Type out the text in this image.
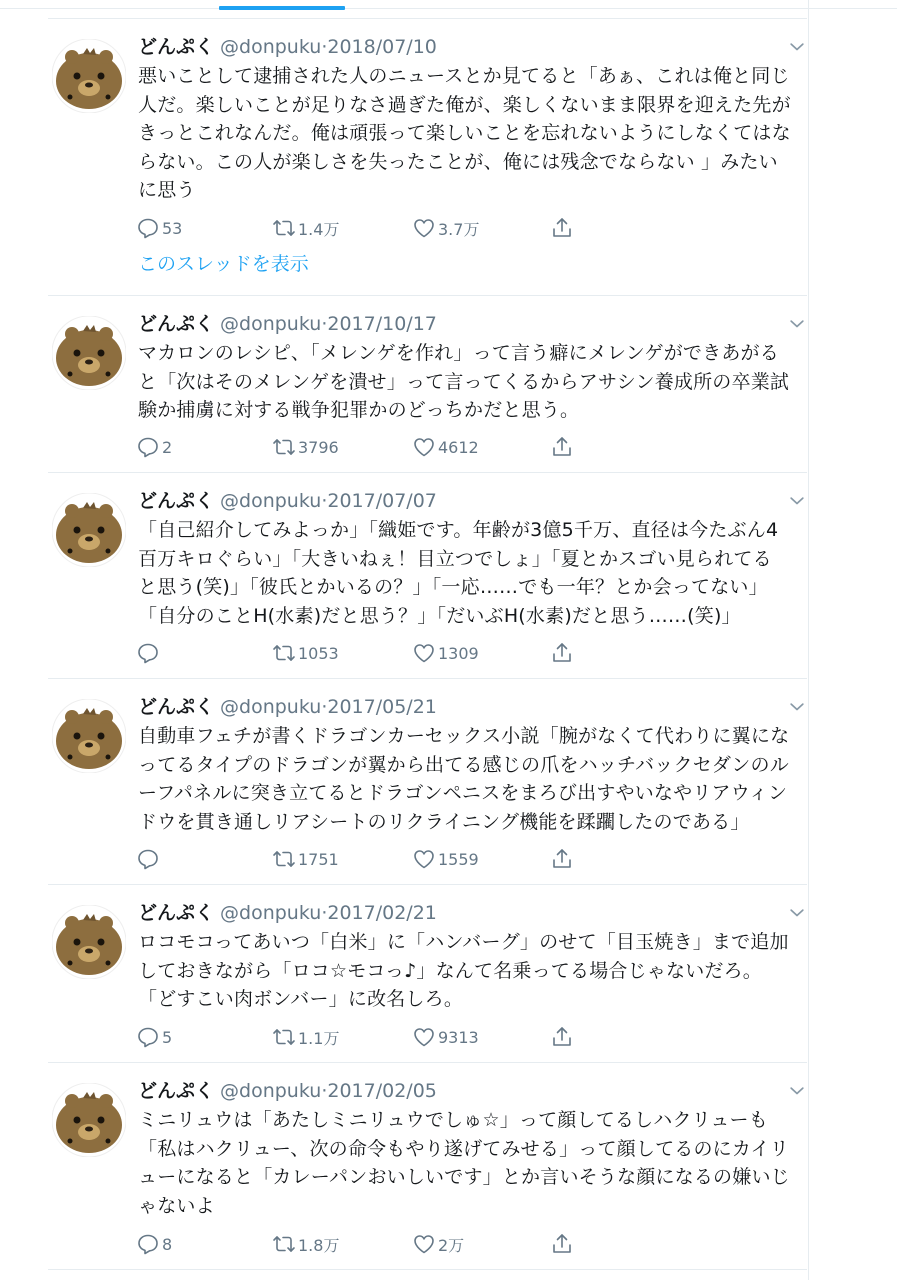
どんぷく @donpuku·2018/07/10
悪いことして逮捕された人のニュースとか見てると「あぁ、これは俺と同じ
人だ。楽しいことが足りなさ過ぎた俺が、楽しくないまま限界を迎えた先が
きっとこれなんだ。俺は頑張って楽しいことを忘れないようにしなくてはな
らない。この人が楽しさを失ったことが、俺には残念でならない 」みたい
に思う
53	1.4万	3.7万
このスレッドを表示
どんぷく @donpuku·2017/10/17
マカロンのレシピ、「メレンゲを作れ」って言う癖にメレンゲができあがる
と「次はそのメレンゲを潰せ」って言ってくるからアサシン養成所の卒業試
験か捕虜に対する戦争犯罪かのどっちかだと思う。
2	3796	4612
どんぷく @donpuku·2017/07/07
「自己紹介してみよっか」「織姫です。年齢が3億5千万、直径は今たぶん4
百万キロぐらい」「大きいねぇ！目立つでしょ」「夏とかスゴい見られてる
と思う(笑)」「彼氏とかいるの？」「一応……でも一年？とか会ってない」
「自分のことH(水素)だと思う？」「だいぶH(水素)だと思う……(笑)」
1053	1309
どんぷく @donpuku·2017/05/21
自動車フェチが書くドラゴンカーセックス小説「腕がなくて代わりに翼にな
ってるタイプのドラゴンが翼から出てる感じの爪をハッチバックセダンのル
ーフパネルに突き立てるとドラゴンペニスをまろび出すやいなやリアウィン
ドウを貫き通しリアシートのリクライニング機能を蹂躙したのである」
1751	1559
どんぷく @donpuku·2017/02/21
ロコモコってあいつ「白米」に「ハンバーグ」のせて「目玉焼き」まで追加
しておきながら「ロコ☆モコっ♪」なんて名乗ってる場合じゃないだろ。
「どすこい肉ボンバー」に改名しろ。
5	1.1万	9313
どんぷく @donpuku·2017/02/05
ミニリュウは「あたしミニリュウでしゅ☆」って顔してるしハクリューも
「私はハクリュー、次の命令もやり遂げてみせる」って顔してるのにカイリ
ューになると「カレーパンおいしいです」とか言いそうな顔になるの嫌いじ
ゃないよ
8	1.8万	2万
